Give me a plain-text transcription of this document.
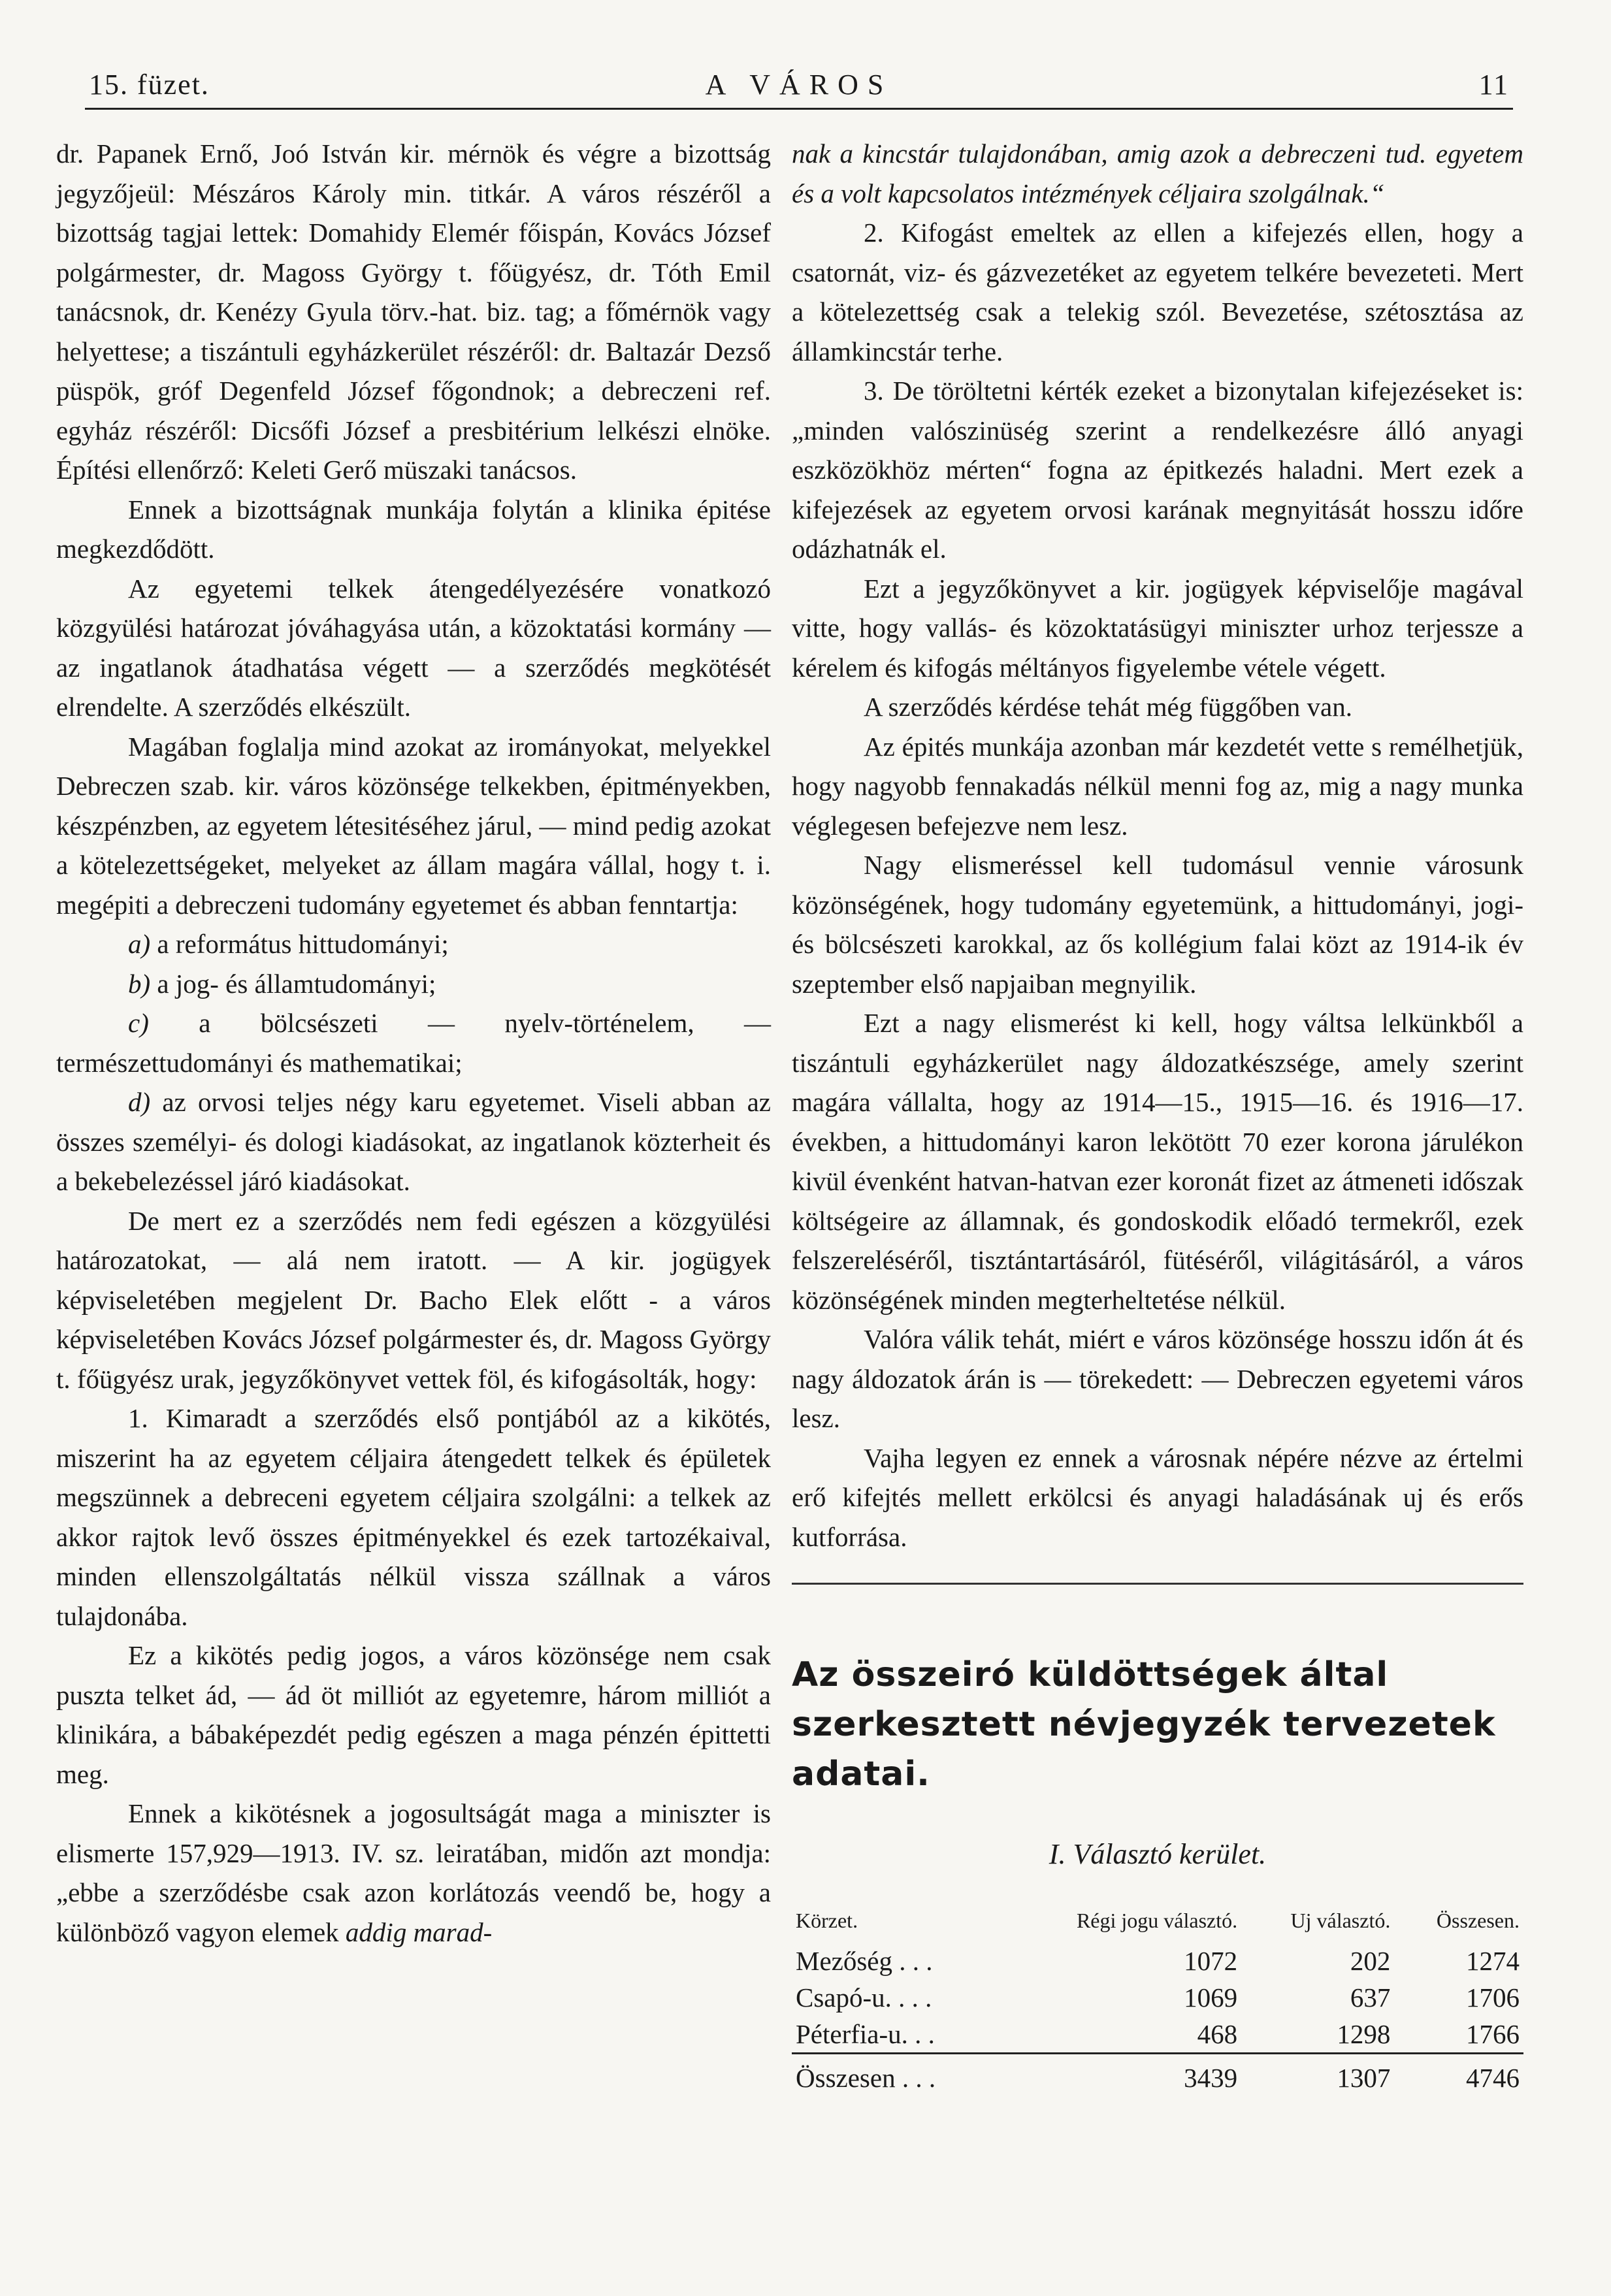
15. füzet.	A VÁROS	11

dr. Papanek Ernő, Joó István kir. mérnök és végre a bizottság jegyzőjeül: Mészáros Károly min. titkár. A város részéről a bizottság tagjai lettek: Domahidy Elemér főispán, Kovács József polgármester, dr. Magoss György t. főügyész, dr. Tóth Emil tanácsnok, dr. Kenézy Gyula törv.-hat. biz. tag; a főmérnök vagy helyettese; a tiszántuli egyházkerület részéről: dr. Baltazár Dezső püspök, gróf Degenfeld József főgondnok; a debreczeni ref. egyház részéről: Dicsőfi József a presbitérium lelkészi elnöke. Építési ellenőrző: Keleti Gerő müszaki tanácsos.

Ennek a bizottságnak munkája folytán a klinika épitése megkezdődött.

Az egyetemi telkek átengedélyezésére vonatkozó közgyülési határozat jóváhagyása után, a közoktatási kormány — az ingatlanok átadhatása végett — a szerződés megkötését elrendelte. A szerződés elkészült.

Magában foglalja mind azokat az irományokat, melyekkel Debreczen szab. kir. város közönsége telkekben, épitményekben, készpénzben, az egyetem létesitéséhez járul, — mind pedig azokat a kötelezettségeket, melyeket az állam magára vállal, hogy t. i. megépiti a debreczeni tudomány egyetemet és abban fenntartja:

a) a református hittudományi;

b) a jog- és államtudományi;

c) a bölcsészeti — nyelv-történelem, — természettudományi és mathematikai;

d) az orvosi teljes négy karu egyetemet. Viseli abban az összes személyi- és dologi kiadásokat, az ingatlanok közterheit és a bekebelezéssel járó kiadásokat.

De mert ez a szerződés nem fedi egészen a közgyülési határozatokat, — alá nem iratott. — A kir. jogügyek képviseletében megjelent Dr. Bacho Elek előtt - a város képviseletében Kovács József polgármester és, dr. Magoss György t. főügyész urak, jegyzőkönyvet vettek föl, és kifogásolták, hogy:

1. Kimaradt a szerződés első pontjából az a kikötés, miszerint ha az egyetem céljaira átengedett telkek és épületek megszünnek a debreceni egyetem céljaira szolgálni: a telkek az akkor rajtok levő összes épitményekkel és ezek tartozékaival, minden ellenszolgáltatás nélkül vissza szállnak a város tulajdonába.

Ez a kikötés pedig jogos, a város közönsége nem csak puszta telket ád, — ád öt milliót az egyetemre, három milliót a klinikára, a bábaképezdét pedig egészen a maga pénzén épittetti meg.

Ennek a kikötésnek a jogosultságát maga a miniszter is elismerte 157,929—1913. IV. sz. leiratában, midőn azt mondja: „ebbe a szerződésbe csak azon korlátozás veendő be, hogy a különböző vagyon elemek addig marad-

nak a kincstár tulajdonában, amig azok a debreczeni tud. egyetem és a volt kapcsolatos intézmények céljaira szolgálnak.“

2. Kifogást emeltek az ellen a kifejezés ellen, hogy a csatornát, viz- és gázvezetéket az egyetem telkére bevezeteti. Mert a kötelezettség csak a telekig szól. Bevezetése, szétosztása az államkincstár terhe.

3. De töröltetni kérték ezeket a bizonytalan kifejezéseket is: „minden valószinüség szerint a rendelkezésre álló anyagi eszközökhöz mérten“ fogna az épitkezés haladni. Mert ezek a kifejezések az egyetem orvosi karának megnyitását hosszu időre odázhatnák el.

Ezt a jegyzőkönyvet a kir. jogügyek képviselője magával vitte, hogy vallás- és közoktatásügyi miniszter urhoz terjessze a kérelem és kifogás méltányos figyelembe vétele végett.

A szerződés kérdése tehát még függőben van.

Az épités munkája azonban már kezdetét vette s remélhetjük, hogy nagyobb fennakadás nélkül menni fog az, mig a nagy munka véglegesen befejezve nem lesz.

Nagy elismeréssel kell tudomásul vennie városunk közönségének, hogy tudomány egyetemünk, a hittudományi, jogi- és bölcsészeti karokkal, az ős kollégium falai közt az 1914-ik év szeptember első napjaiban megnyilik.

Ezt a nagy elismerést ki kell, hogy váltsa lelkünkből a tiszántuli egyházkerület nagy áldozatkészsége, amely szerint magára vállalta, hogy az 1914—15., 1915—16. és 1916—17. években, a hittudományi karon lekötött 70 ezer korona járulékon kivül évenként hatvan-hatvan ezer koronát fizet az átmeneti időszak költségeire az államnak, és gondoskodik előadó termekről, ezek felszereléséről, tisztántartásáról, fütéséről, világitásáról, a város közönségének minden megterheltetése nélkül.

Valóra válik tehát, miért e város közönsége hosszu időn át és nagy áldozatok árán is — törekedett: — Debreczen egyetemi város lesz.

Vajha legyen ez ennek a városnak népére nézve az értelmi erő kifejtés mellett erkölcsi és anyagi haladásának uj és erős kutforrása.

Az összeiró küldöttségek által szerkesztett névjegyzék tervezetek adatai.
I. Választó kerület.
Körzet.	Régi jogu választó.	Uj választó.	Összesen.
Mezőség . . .	1072	202	1274
Csapó-u. . . .	1069	637	1706
Péterfia-u. . .	468	1298	1766
Összesen . . .	3439	1307	4746
